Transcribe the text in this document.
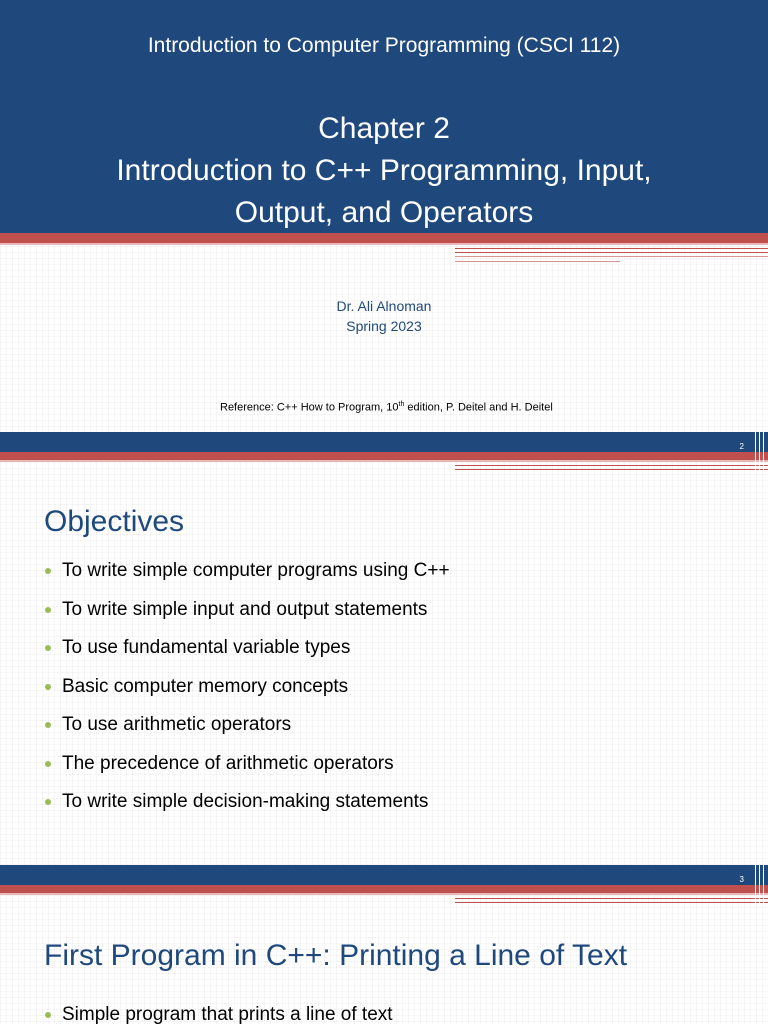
Introduction to Computer Programming (CSCI 112)
Chapter 2
Introduction to C++ Programming, Input,
Output, and Operators
Dr. Ali Alnoman
Spring 2023
Reference: C++ How to Program, 10th edition, P. Deitel and H. Deitel
2
Objectives
To write simple computer programs using C++
To write simple input and output statements
To use fundamental variable types
Basic computer memory concepts
To use arithmetic operators
The precedence of arithmetic operators
To write simple decision-making statements
3
First Program in C++: Printing a Line of Text
Simple program that prints a line of text
